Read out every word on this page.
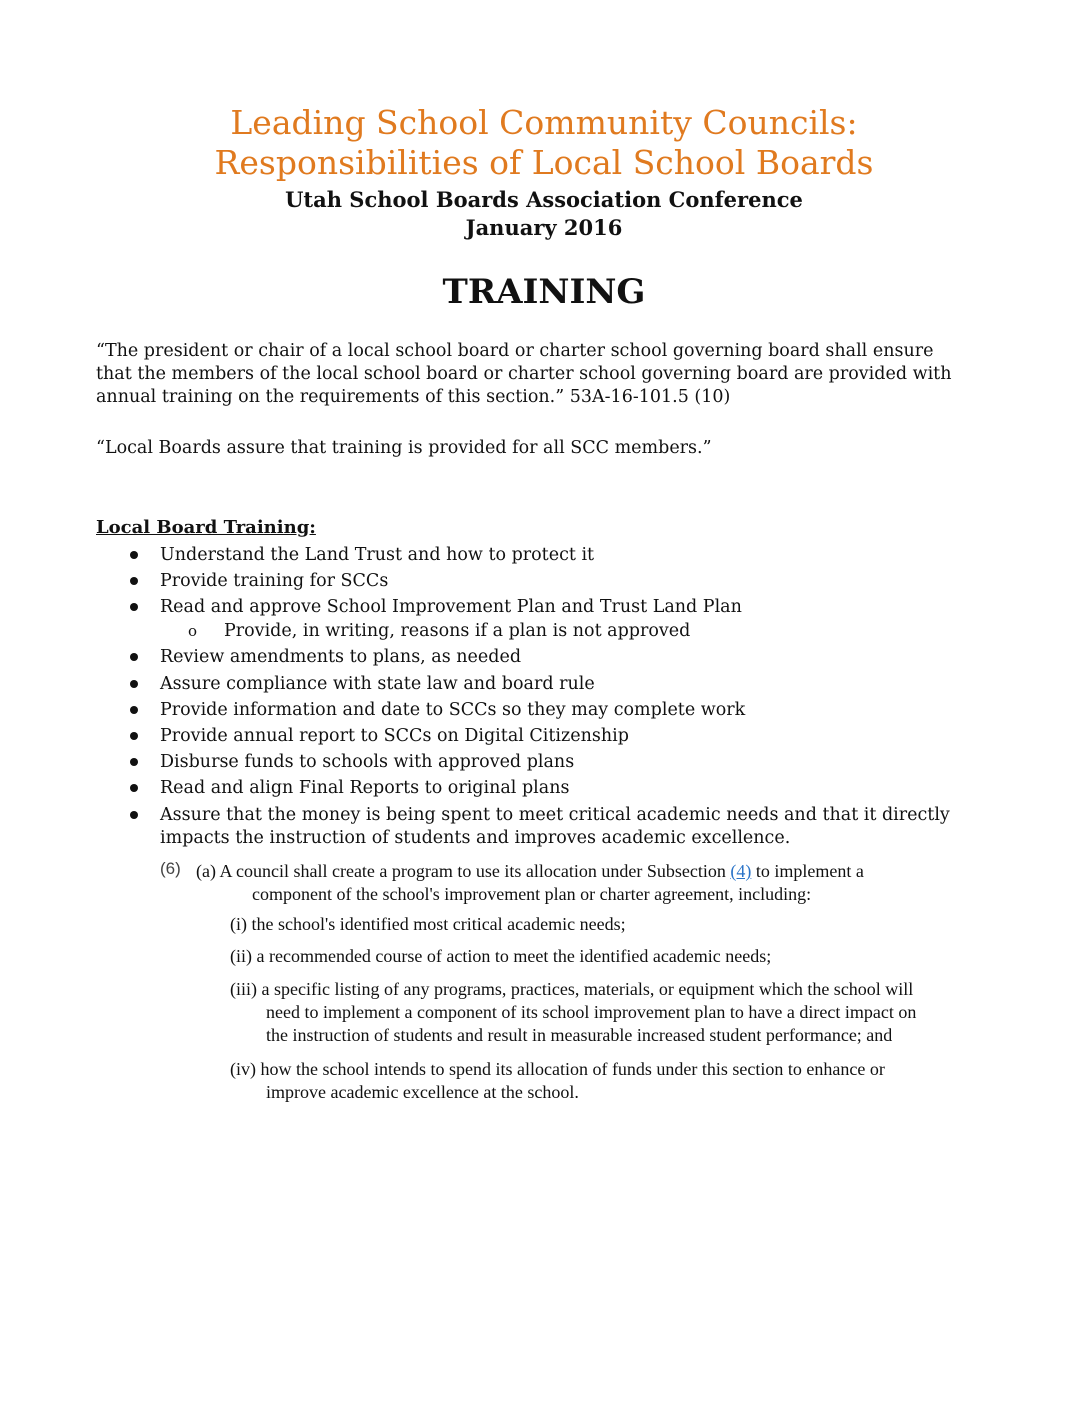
Leading School Community Councils:
Responsibilities of Local School Boards
Utah School Boards Association Conference
January 2016
TRAINING
“The president or chair of a local school board or charter school governing board shall ensure
that the members of the local school board or charter school governing board are provided with
annual training on the requirements of this section.” 53A-16-101.5 (10)
“Local Boards assure that training is provided for all SCC members.”
Local Board Training:
Understand the Land Trust and how to protect it
Provide training for SCCs
Read and approve School Improvement Plan and Trust Land Plan
o Provide, in writing, reasons if a plan is not approved
Review amendments to plans, as needed
Assure compliance with state law and board rule
Provide information and date to SCCs so they may complete work
Provide annual report to SCCs on Digital Citizenship
Disburse funds to schools with approved plans
Read and align Final Reports to original plans
Assure that the money is being spent to meet critical academic needs and that it directly
impacts the instruction of students and improves academic excellence.
(6) (a) A council shall create a program to use its allocation under Subsection (4) to implement a
component of the school's improvement plan or charter agreement, including:
(i) the school's identified most critical academic needs;
(ii) a recommended course of action to meet the identified academic needs;
(iii) a specific listing of any programs, practices, materials, or equipment which the school will
need to implement a component of its school improvement plan to have a direct impact on
the instruction of students and result in measurable increased student performance; and
(iv) how the school intends to spend its allocation of funds under this section to enhance or
improve academic excellence at the school.
